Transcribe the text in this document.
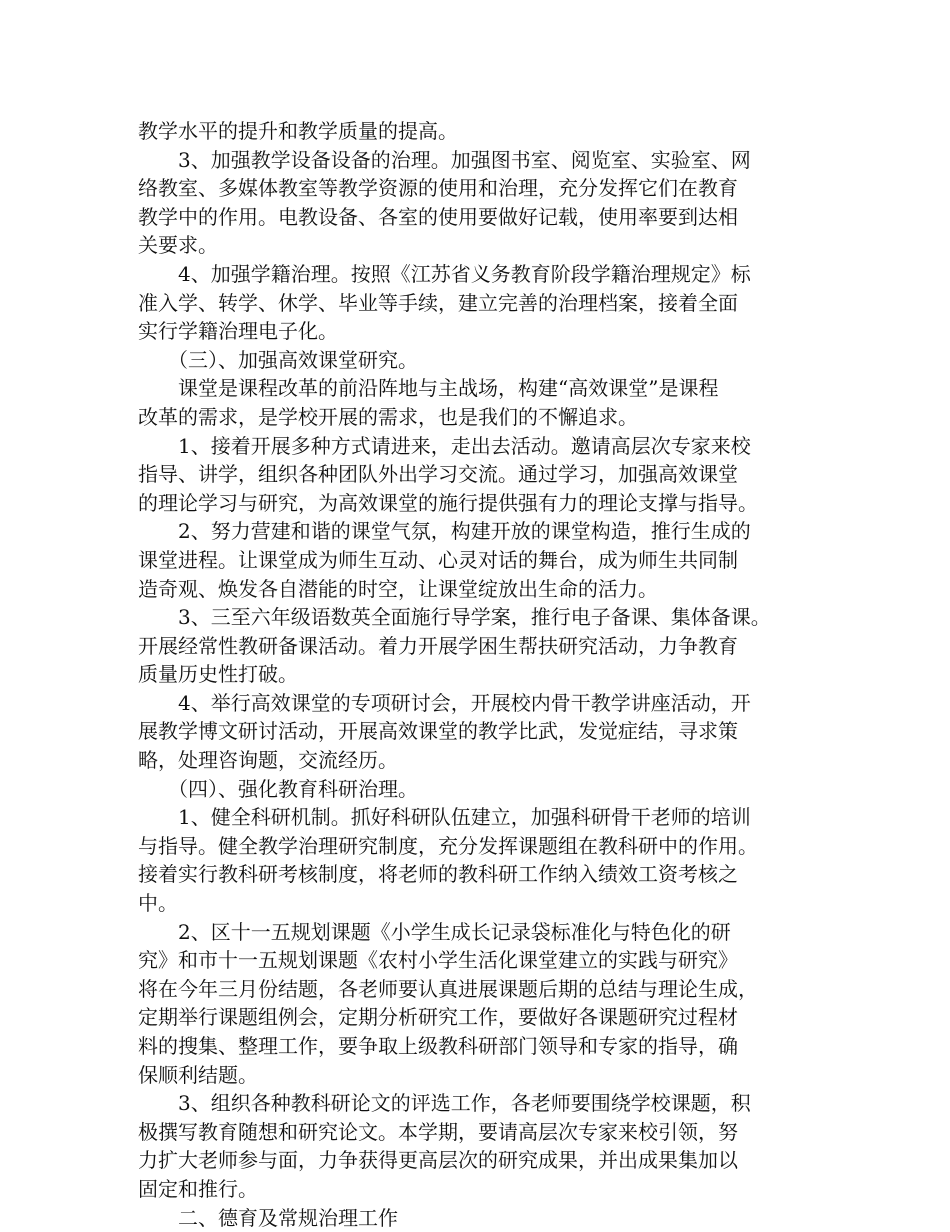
教学水平的提升和教学质量的提高。
　　3、加强教学设备设备的治理。加强图书室、阅览室、实验室、网
络教室、多媒体教室等教学资源的使用和治理，充分发挥它们在教育
教学中的作用。电教设备、各室的使用要做好记载，使用率要到达相
关要求。
　　4、加强学籍治理。按照《江苏省义务教育阶段学籍治理规定》标
准入学、转学、休学、毕业等手续，建立完善的治理档案，接着全面
实行学籍治理电子化。
　　（三）、加强高效课堂研究。
　　课堂是课程改革的前沿阵地与主战场，构建“高效课堂”是课程
改革的需求，是学校开展的需求，也是我们的不懈追求。
　　1、接着开展多种方式请进来，走出去活动。邀请高层次专家来校
指导、讲学，组织各种团队外出学习交流。通过学习，加强高效课堂
的理论学习与研究，为高效课堂的施行提供强有力的理论支撑与指导。
　　2、努力营建和谐的课堂气氛，构建开放的课堂构造，推行生成的
课堂进程。让课堂成为师生互动、心灵对话的舞台，成为师生共同制
造奇观、焕发各自潜能的时空，让课堂绽放出生命的活力。
　　3、三至六年级语数英全面施行导学案，推行电子备课、集体备课。
开展经常性教研备课活动。着力开展学困生帮扶研究活动，力争教育
质量历史性打破。
　　4、举行高效课堂的专项研讨会，开展校内骨干教学讲座活动，开
展教学博文研讨活动，开展高效课堂的教学比武，发觉症结，寻求策
略，处理咨询题，交流经历。
　　（四）、强化教育科研治理。
　　1、健全科研机制。抓好科研队伍建立，加强科研骨干老师的培训
与指导。健全教学治理研究制度，充分发挥课题组在教科研中的作用。
接着实行教科研考核制度，将老师的教科研工作纳入绩效工资考核之
中。
　　2、区十一五规划课题《小学生成长记录袋标准化与特色化的研
究》和市十一五规划课题《农村小学生活化课堂建立的实践与研究》
将在今年三月份结题，各老师要认真进展课题后期的总结与理论生成，
定期举行课题组例会，定期分析研究工作，要做好各课题研究过程材
料的搜集、整理工作，要争取上级教科研部门领导和专家的指导，确
保顺利结题。
　　3、组织各种教科研论文的评选工作，各老师要围绕学校课题，积
极撰写教育随想和研究论文。本学期，要请高层次专家来校引领，努
力扩大老师参与面，力争获得更高层次的研究成果，并出成果集加以
固定和推行。
　　二、德育及常规治理工作
